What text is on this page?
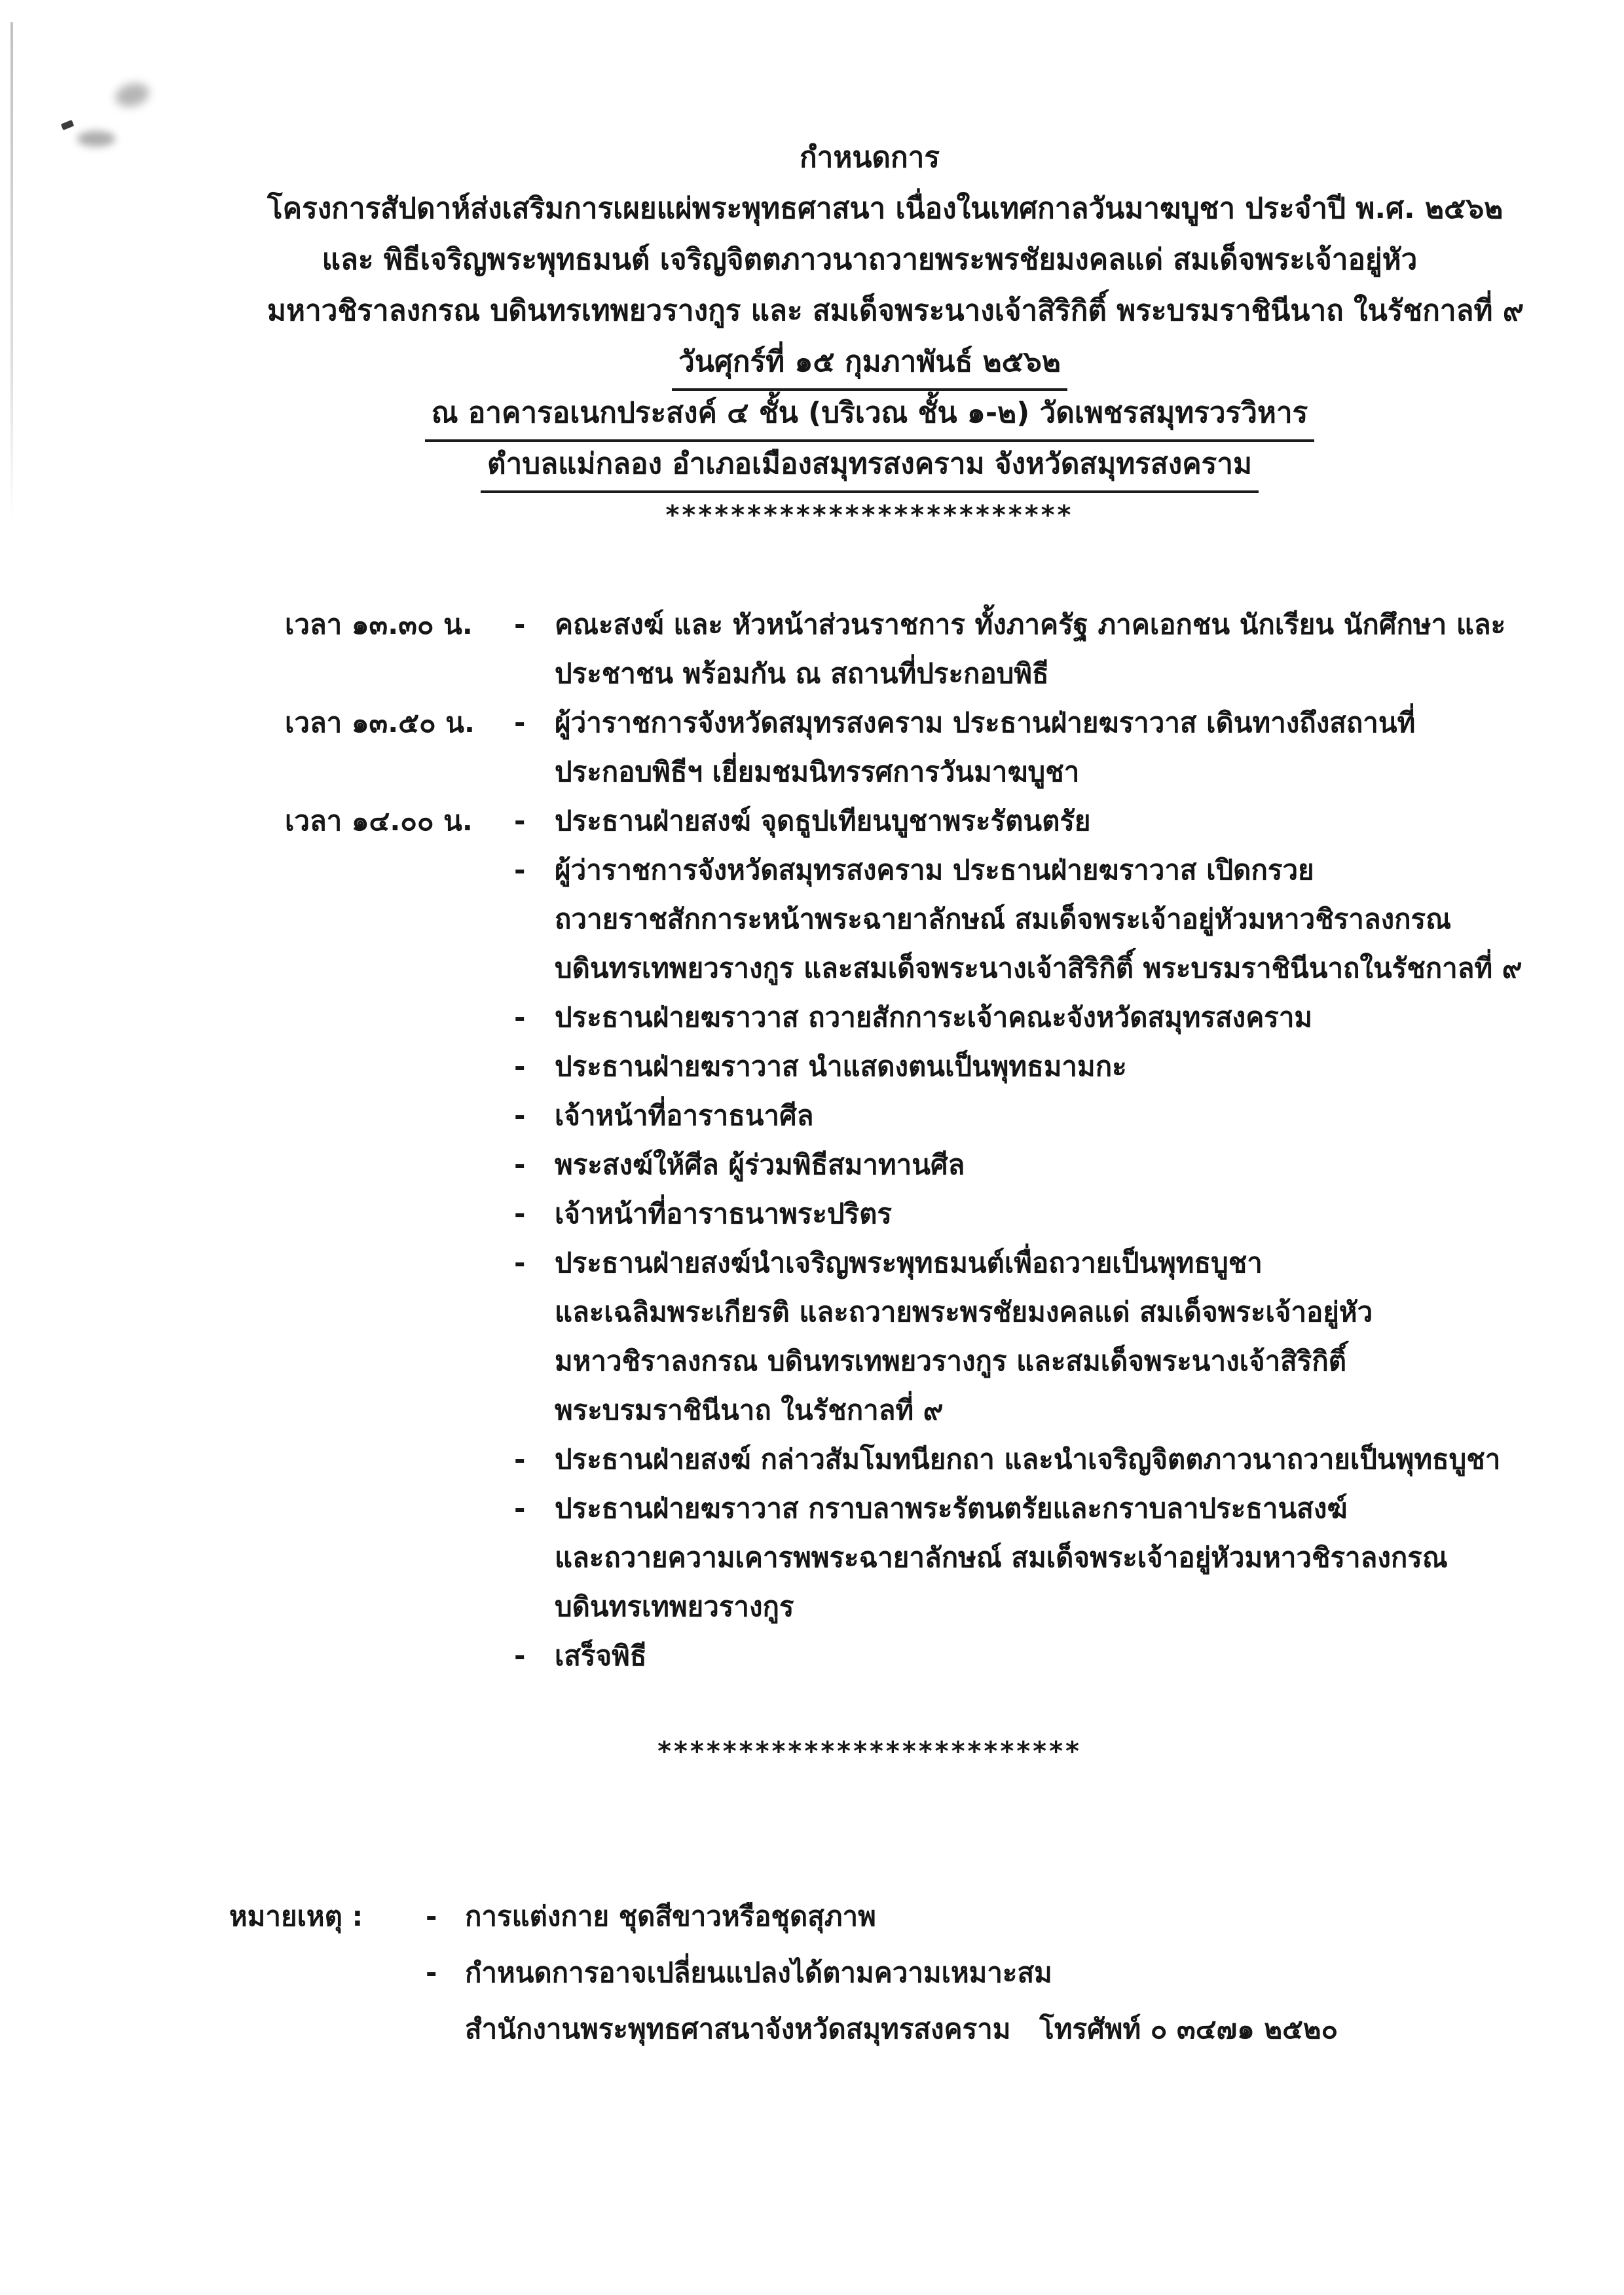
กำหนดการ
โครงการสัปดาห์ส่งเสริมการเผยแผ่พระพุทธศาสนา เนื่องในเทศกาลวันมาฆบูชา ประจำปี พ.ศ. ๒๕๖๒
และ พิธีเจริญพระพุทธมนต์ เจริญจิตตภาวนาถวายพระพรชัยมงคลแด่ สมเด็จพระเจ้าอยู่หัว
มหาวชิราลงกรณ บดินทรเทพยวรางกูร และ สมเด็จพระนางเจ้าสิริกิติ์ พระบรมราชินีนาถ ในรัชกาลที่ ๙
วันศุกร์ที่ ๑๕ กุมภาพันธ์ ๒๕๖๒
ณ อาคารอเนกประสงค์ ๔ ชั้น (บริเวณ ชั้น ๑-๒) วัดเพชรสมุทรวรวิหาร
ตำบลแม่กลอง อำเภอเมืองสมุทรสงคราม จังหวัดสมุทรสงคราม
*************************
เวลา ๑๓.๓๐ น.	-	คณะสงฆ์ และ หัวหน้าส่วนราชการ ทั้งภาครัฐ ภาคเอกชน นักเรียน นักศึกษา และ
ประชาชน พร้อมกัน ณ สถานที่ประกอบพิธี
เวลา ๑๓.๕๐ น.	-	ผู้ว่าราชการจังหวัดสมุทรสงคราม ประธานฝ่ายฆราวาส เดินทางถึงสถานที่
ประกอบพิธีฯ เยี่ยมชมนิทรรศการวันมาฆบูชา
เวลา ๑๔.๐๐ น.	-	ประธานฝ่ายสงฆ์ จุดธูปเทียนบูชาพระรัตนตรัย
-	ผู้ว่าราชการจังหวัดสมุทรสงคราม ประธานฝ่ายฆราวาส เปิดกรวย
ถวายราชสักการะหน้าพระฉายาลักษณ์ สมเด็จพระเจ้าอยู่หัวมหาวชิราลงกรณ
บดินทรเทพยวรางกูร และสมเด็จพระนางเจ้าสิริกิติ์ พระบรมราชินีนาถในรัชกาลที่ ๙
-	ประธานฝ่ายฆราวาส ถวายสักการะเจ้าคณะจังหวัดสมุทรสงคราม
-	ประธานฝ่ายฆราวาส นำแสดงตนเป็นพุทธมามกะ
-	เจ้าหน้าที่อาราธนาศีล
-	พระสงฆ์ให้ศีล ผู้ร่วมพิธีสมาทานศีล
-	เจ้าหน้าที่อาราธนาพระปริตร
-	ประธานฝ่ายสงฆ์นำเจริญพระพุทธมนต์เพื่อถวายเป็นพุทธบูชา
และเฉลิมพระเกียรติ และถวายพระพรชัยมงคลแด่ สมเด็จพระเจ้าอยู่หัว
มหาวชิราลงกรณ บดินทรเทพยวรางกูร และสมเด็จพระนางเจ้าสิริกิติ์
พระบรมราชินีนาถ ในรัชกาลที่ ๙
-	ประธานฝ่ายสงฆ์ กล่าวสัมโมทนียกถา และนำเจริญจิตตภาวนาถวายเป็นพุทธบูชา
-	ประธานฝ่ายฆราวาส กราบลาพระรัตนตรัยและกราบลาประธานสงฆ์
และถวายความเคารพพระฉายาลักษณ์ สมเด็จพระเจ้าอยู่หัวมหาวชิราลงกรณ
บดินทรเทพยวรางกูร
-	เสร็จพิธี
**************************
หมายเหตุ :	-	การแต่งกาย ชุดสีขาวหรือชุดสุภาพ
-	กำหนดการอาจเปลี่ยนแปลงได้ตามความเหมาะสม
สำนักงานพระพุทธศาสนาจังหวัดสมุทรสงคราม   โทรศัพท์ ๐ ๓๔๗๑ ๒๕๒๐
